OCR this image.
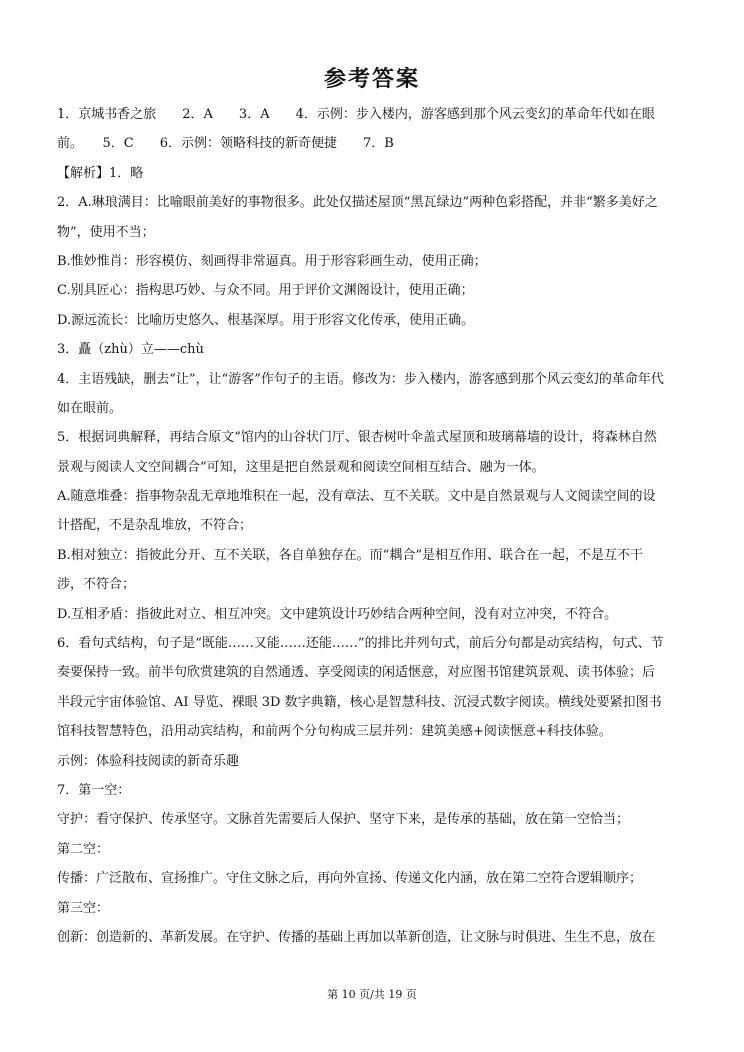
参考答案
1．京城书香之旅　　2．A　　3．A　　4．示例：步入楼内，游客感到那个风云变幻的革命年代如在眼
前。　　5．C　　6．示例：领略科技的新奇便捷　　7．B
【解析】1．略
2．A.琳琅满目：比喻眼前美好的事物很多。此处仅描述屋顶“黑瓦绿边”两种色彩搭配，并非“繁多美好之
物”，使用不当；
B.惟妙惟肖：形容模仿、刻画得非常逼真。用于形容彩画生动，使用正确；
C.别具匠心：指构思巧妙、与众不同。用于评价文渊阁设计，使用正确；
D.源远流长：比喻历史悠久、根基深厚。用于形容文化传承，使用正确。
3．矗
（zhù）立——chù
4．主语残缺，删去“让”，让“游客”作句子的主语。修改为：步入楼内，游客感到那个风云变幻的革命年代
如在眼前。
5．根据词典解释，再结合原文“馆内的山谷状门厅、银杏树叶伞盖式屋顶和玻璃幕墙的设计，将森林自然
景观与阅读人文空间耦合”可知，这里是把自然景观和阅读空间相互结合、融为一体。
A.随意堆叠：指事物杂乱无章地堆积在一起，没有章法、互不关联。文中是自然景观与人文阅读空间的设
计搭配，不是杂乱堆放，不符合；
B.相对独立：指彼此分开、互不关联，各自单独存在。而“耦合”是相互作用、联合在一起，不是互不干
涉，不符合；
D.互相矛盾：指彼此对立、相互冲突。文中建筑设计巧妙结合两种空间，没有对立冲突，不符合。
6．看句式结构，句子是“既能……又能……还能……”的排比并列句式，前后分句都是动宾结构，句式、节
奏要保持一致。前半句欣赏建筑的自然通透、享受阅读的闲适惬意，对应图书馆建筑景观、读书体验；后
半段元宇宙体验馆、AI 导览、裸眼 3D 数字典籍，核心是智慧科技、沉浸式数字阅读。横线处要紧扣图书
馆科技智慧特色，沿用动宾结构，和前两个分句构成三层并列：建筑美感+阅读惬意+科技体验。
示例：体验科技阅读的新奇乐趣
7．第一空：
守护：看守保护、传承坚守。文脉首先需要后人保护、坚守下来，是传承的基础，放在第一空恰当；
第二空：
传播：广泛散布、宣扬推广。守住文脉之后，再向外宣扬、传递文化内涵，放在第二空符合逻辑顺序；
第三空：
创新：创造新的、革新发展。在守护、传播的基础上再加以革新创造，让文脉与时俱进、生生不息，放在
第 10 页/共 19 页
